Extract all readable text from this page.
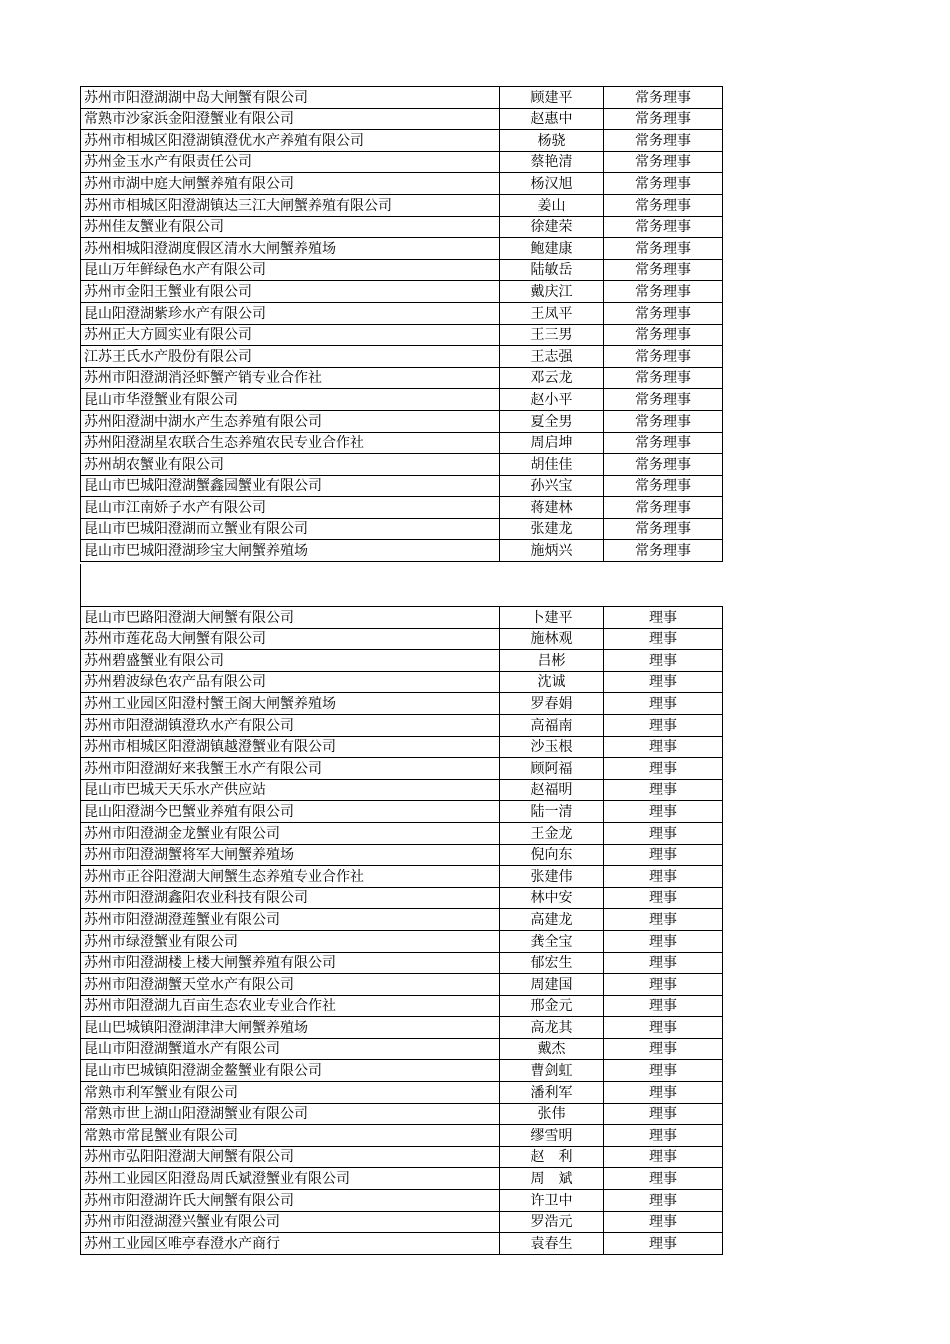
苏州市阳澄湖湖中岛大闸蟹有限公司	顾建平	常务理事
常熟市沙家浜金阳澄蟹业有限公司	赵惠中	常务理事
苏州市相城区阳澄湖镇澄优水产养殖有限公司	杨骁	常务理事
苏州金玉水产有限责任公司	蔡艳清	常务理事
苏州市湖中庭大闸蟹养殖有限公司	杨汉旭	常务理事
苏州市相城区阳澄湖镇达三江大闸蟹养殖有限公司	姜山	常务理事
苏州佳友蟹业有限公司	徐建荣	常务理事
苏州相城阳澄湖度假区清水大闸蟹养殖场	鲍建康	常务理事
昆山万年鲜绿色水产有限公司	陆敏岳	常务理事
苏州市金阳王蟹业有限公司	戴庆江	常务理事
昆山阳澄湖紫珍水产有限公司	王凤平	常务理事
苏州正大方圆实业有限公司	王三男	常务理事
江苏王氏水产股份有限公司	王志强	常务理事
苏州市阳澄湖消泾虾蟹产销专业合作社	邓云龙	常务理事
昆山市华澄蟹业有限公司	赵小平	常务理事
苏州阳澄湖中湖水产生态养殖有限公司	夏全男	常务理事
苏州阳澄湖星农联合生态养殖农民专业合作社	周启坤	常务理事
苏州胡农蟹业有限公司	胡佳佳	常务理事
昆山市巴城阳澄湖蟹鑫园蟹业有限公司	孙兴宝	常务理事
昆山市江南娇子水产有限公司	蒋建林	常务理事
昆山市巴城阳澄湖而立蟹业有限公司	张建龙	常务理事
昆山市巴城阳澄湖珍宝大闸蟹养殖场	施炳兴	常务理事
昆山市巴路阳澄湖大闸蟹有限公司	卜建平	理事
苏州市莲花岛大闸蟹有限公司	施林观	理事
苏州碧盛蟹业有限公司	吕彬	理事
苏州碧波绿色农产品有限公司	沈诚	理事
苏州工业园区阳澄村蟹王阁大闸蟹养殖场	罗春娟	理事
苏州市阳澄湖镇澄玖水产有限公司	高福南	理事
苏州市相城区阳澄湖镇越澄蟹业有限公司	沙玉根	理事
苏州市阳澄湖好来我蟹王水产有限公司	顾阿福	理事
昆山市巴城天天乐水产供应站	赵福明	理事
昆山阳澄湖今巴蟹业养殖有限公司	陆一清	理事
苏州市阳澄湖金龙蟹业有限公司	王金龙	理事
苏州市阳澄湖蟹将军大闸蟹养殖场	倪向东	理事
苏州市正谷阳澄湖大闸蟹生态养殖专业合作社	张建伟	理事
苏州市阳澄湖鑫阳农业科技有限公司	林中安	理事
苏州市阳澄湖澄莲蟹业有限公司	高建龙	理事
苏州市绿澄蟹业有限公司	龚全宝	理事
苏州市阳澄湖楼上楼大闸蟹养殖有限公司	郁宏生	理事
苏州市阳澄湖蟹天堂水产有限公司	周建国	理事
苏州市阳澄湖九百亩生态农业专业合作社	邢金元	理事
昆山巴城镇阳澄湖津津大闸蟹养殖场	高龙其	理事
昆山市阳澄湖蟹道水产有限公司	戴杰	理事
昆山市巴城镇阳澄湖金鳌蟹业有限公司	曹剑虹	理事
常熟市利军蟹业有限公司	潘利军	理事
常熟市世上湖山阳澄湖蟹业有限公司	张伟	理事
常熟市常昆蟹业有限公司	缪雪明	理事
苏州市弘阳阳澄湖大闸蟹有限公司	赵　利	理事
苏州工业园区阳澄岛周氏斌澄蟹业有限公司	周　斌	理事
苏州市阳澄湖许氏大闸蟹有限公司	许卫中	理事
苏州市阳澄湖澄兴蟹业有限公司	罗浩元	理事
苏州工业园区唯亭春澄水产商行	袁春生	理事
